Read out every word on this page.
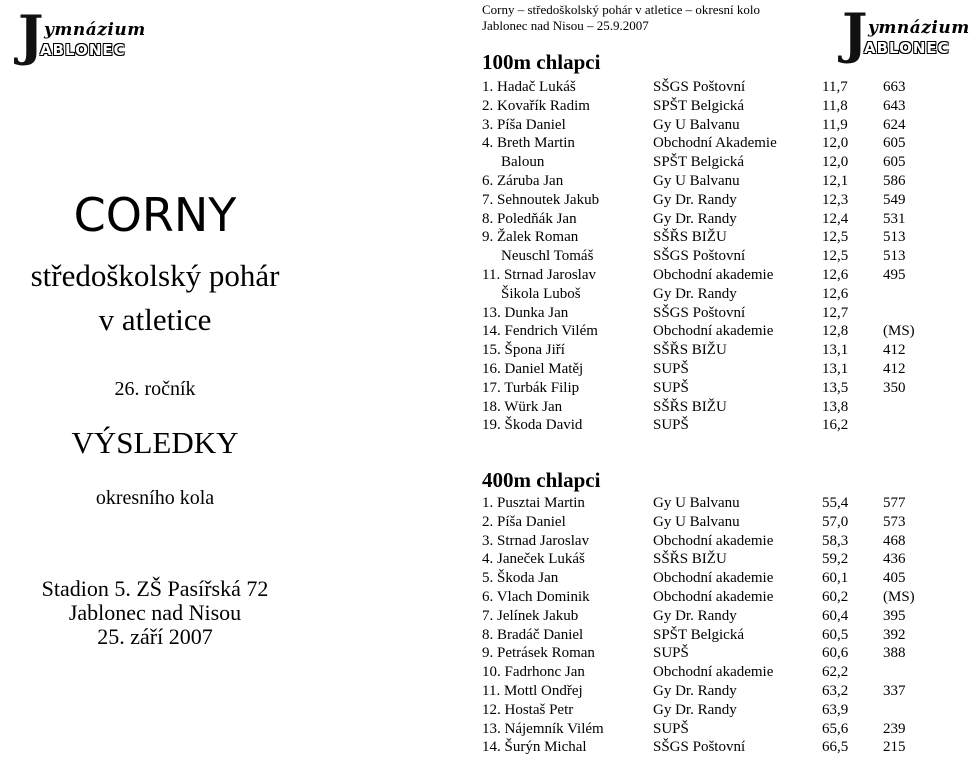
J ymnázium
ABLONEC	J ymnázium
ABLONEC
CORNY
středoškolský pohár
v atletice
26. ročník
VÝSLEDKY
okresního kola
Stadion 5. ZŠ Pasířská 72
Jablonec nad Nisou
25. září 2007
Corny – středoškolský pohár v atletice – okresní kolo
Jablonec nad Nisou – 25.9.2007
100m chlapci
1. Hadač Lukáš	SŠGS Poštovní	11,7 663
2. Kovařík Radim	SPŠT Belgická	11,8 643
3. Píša Daniel	Gy U Balvanu	11,9 624
4. Breth Martin	Obchodní Akademie	12,0 605
Baloun	SPŠT Belgická	12,0 605
6. Záruba Jan	Gy U Balvanu	12,1 586
7. Sehnoutek Jakub	Gy Dr. Randy	12,3 549
8. Poledňák Jan	Gy Dr. Randy	12,4 531
9. Žalek Roman	SŠŘS BIŽU	12,5 513
Neuschl Tomáš	SŠGS Poštovní	12,5 513
11. Strnad Jaroslav	Obchodní akademie	12,6 495
Šikola Luboš	Gy Dr. Randy	12,6
13. Dunka Jan	SŠGS Poštovní	12,7
14. Fendrich Vilém	Obchodní akademie	12,8 (MS)
15. Špona Jiří	SŠŘS BIŽU	13,1 412
16. Daniel Matěj	SUPŠ	13,1 412
17. Turbák Filip	SUPŠ	13,5 350
18. Würk Jan	SŠŘS BIŽU	13,8
19. Škoda David	SUPŠ	16,2
400m chlapci
1. Pusztai Martin	Gy U Balvanu	55,4 577
2. Píša Daniel	Gy U Balvanu	57,0 573
3. Strnad Jaroslav	Obchodní akademie	58,3 468
4. Janeček Lukáš	SŠŘS BIŽU	59,2 436
5. Škoda Jan	Obchodní akademie	60,1 405
6. Vlach Dominik	Obchodní akademie	60,2 (MS)
7. Jelínek Jakub	Gy Dr. Randy	60,4 395
8. Bradáč Daniel	SPŠT Belgická	60,5 392
9. Petrásek Roman	SUPŠ	60,6 388
10. Fadrhonc Jan	Obchodní akademie	62,2
11. Mottl Ondřej	Gy Dr. Randy	63,2 337
12. Hostaš Petr	Gy Dr. Randy	63,9
13. Nájemník Vilém	SUPŠ	65,6 239
14. Šurýn Michal	SŠGS Poštovní	66,5 215
